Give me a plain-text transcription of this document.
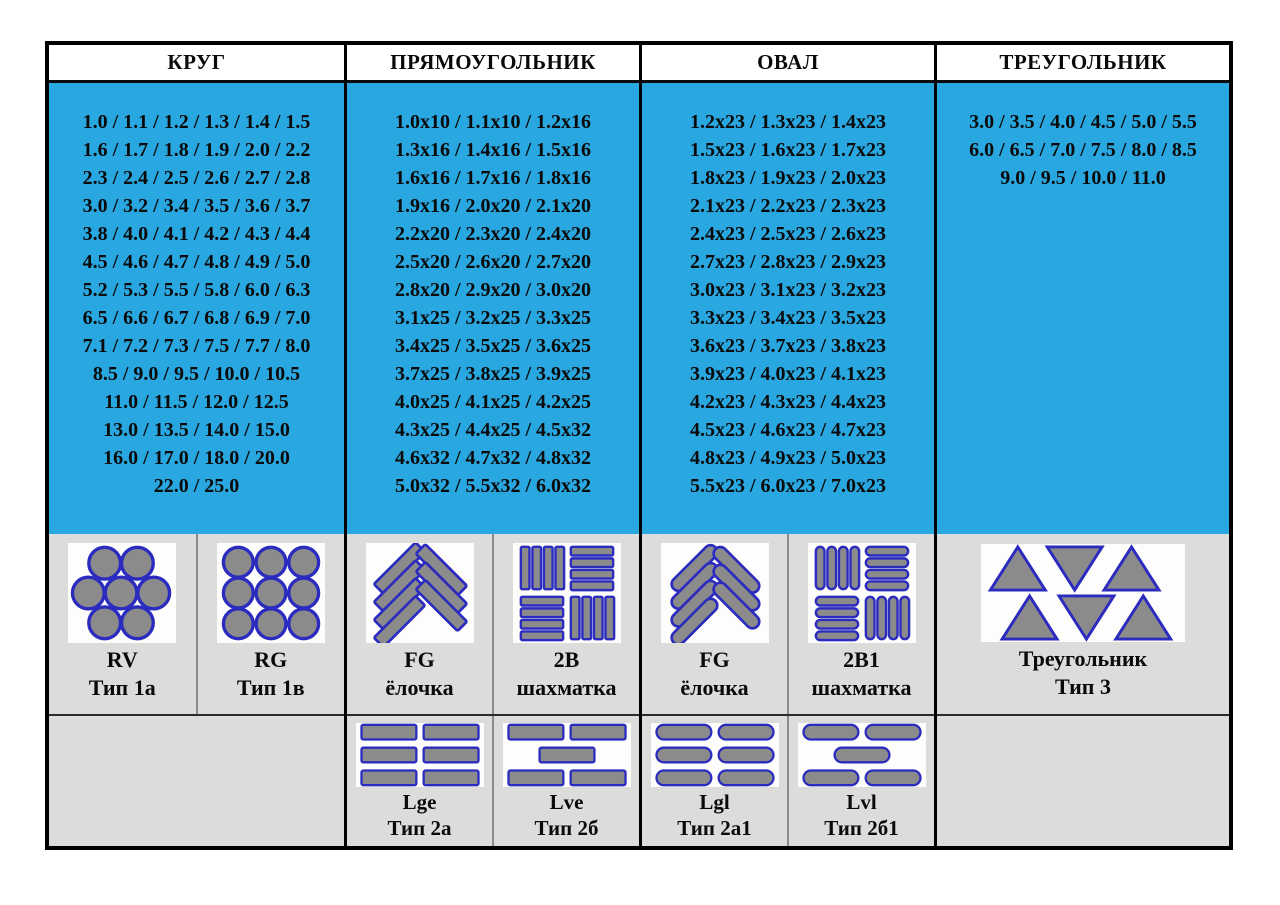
КРУГ
1.0 / 1.1 / 1.2 / 1.3 / 1.4 / 1.5
1.6 / 1.7 / 1.8 / 1.9 / 2.0 / 2.2
2.3 / 2.4 / 2.5 / 2.6 / 2.7 / 2.8
3.0 / 3.2 / 3.4 / 3.5 / 3.6 / 3.7
3.8 / 4.0 / 4.1 / 4.2 / 4.3 / 4.4
4.5 / 4.6 / 4.7 / 4.8 / 4.9 / 5.0
5.2 / 5.3 / 5.5 / 5.8 / 6.0 / 6.3
6.5 / 6.6 / 6.7 / 6.8 / 6.9 / 7.0
7.1 / 7.2 / 7.3 / 7.5 / 7.7 / 8.0
8.5 / 9.0 / 9.5 / 10.0 / 10.5
11.0 / 11.5 / 12.0 / 12.5
13.0 / 13.5 / 14.0 / 15.0
16.0 / 17.0 / 18.0 / 20.0
22.0 / 25.0
RV
Тип 1а
RG
Тип 1в
ПРЯМОУГОЛЬНИК
1.0x10 / 1.1x10 / 1.2x16
1.3x16 / 1.4x16 / 1.5x16
1.6x16 / 1.7x16 / 1.8x16
1.9x16 / 2.0x20 / 2.1x20
2.2x20 / 2.3x20 / 2.4x20
2.5x20 / 2.6x20 / 2.7x20
2.8x20 / 2.9x20 / 3.0x20
3.1x25 / 3.2x25 / 3.3x25
3.4x25 / 3.5x25 / 3.6x25
3.7x25 / 3.8x25 / 3.9x25
4.0x25 / 4.1x25 / 4.2x25
4.3x25 / 4.4x25 / 4.5x32
4.6x32 / 4.7x32 / 4.8x32
5.0x32 / 5.5x32 / 6.0x32
FG
ёлочка
2В
шахматка
Lge
Тип 2а
Lve
Тип 2б
ОВАЛ
1.2x23 / 1.3x23 / 1.4x23
1.5x23 / 1.6x23 / 1.7x23
1.8x23 / 1.9x23 / 2.0x23
2.1x23 / 2.2x23 / 2.3x23
2.4x23 / 2.5x23 / 2.6x23
2.7x23 / 2.8x23 / 2.9x23
3.0x23 / 3.1x23 / 3.2x23
3.3x23 / 3.4x23 / 3.5x23
3.6x23 / 3.7x23 / 3.8x23
3.9x23 / 4.0x23 / 4.1x23
4.2x23 / 4.3x23 / 4.4x23
4.5x23 / 4.6x23 / 4.7x23
4.8x23 / 4.9x23 / 5.0x23
5.5x23 / 6.0x23 / 7.0x23
FG
ёлочка
2В1
шахматка
Lgl
Тип 2а1
Lvl
Тип 2б1
ТРЕУГОЛЬНИК
3.0 / 3.5 / 4.0 / 4.5 / 5.0 / 5.5
6.0 / 6.5 / 7.0 / 7.5 / 8.0 / 8.5
9.0 / 9.5 / 10.0 / 11.0
Треугольник
Тип 3
